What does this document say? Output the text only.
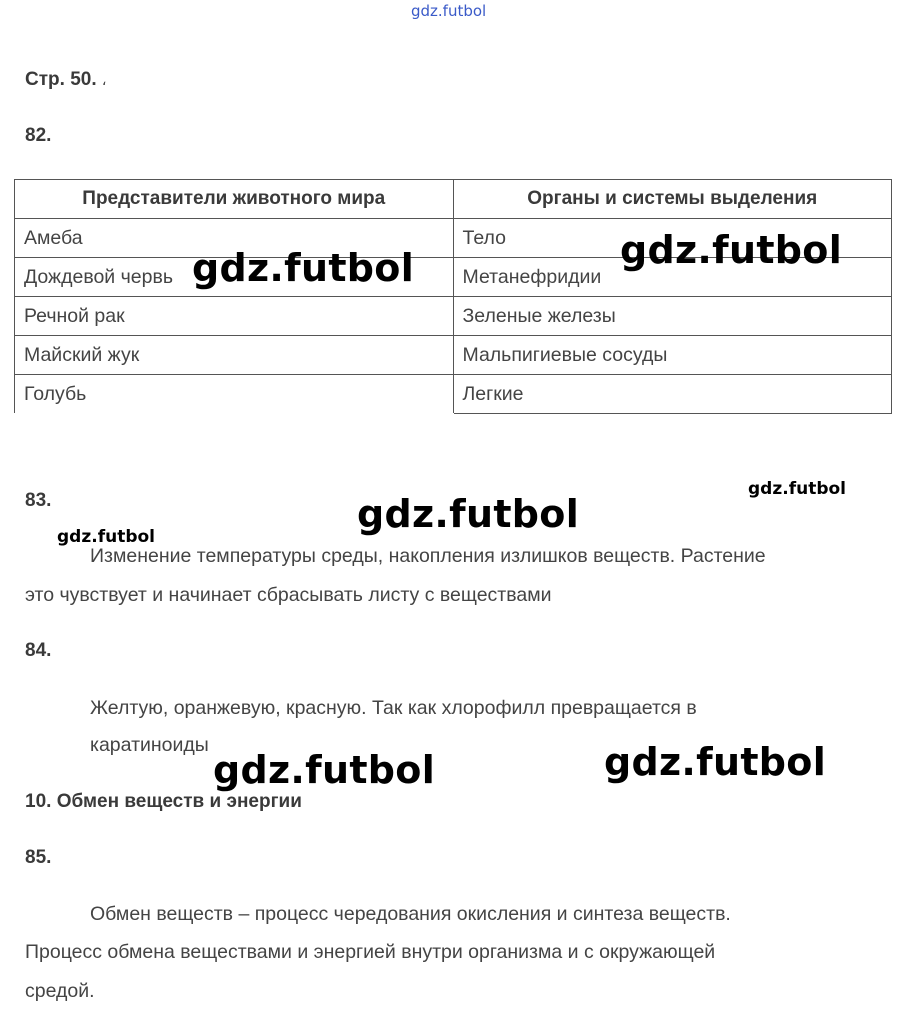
gdz.futbol
Стр. 50. ،
82.
Представители животного мира	Органы и системы выделения
Амеба	Тело
Дождевой червь	Метанефридии
Речной рак	Зеленые железы
Майский жук	Мальпигиевые сосуды
Голубь	Легкие
83.
Изменение температуры среды, накопления излишков веществ. Растение
это чувствует и начинает сбрасывать листу с веществами
84.
Желтую, оранжевую, красную. Так как хлорофилл превращается в
каратиноиды
10. Обмен веществ и энергии
85.
Обмен веществ – процесс чередования окисления и синтеза веществ.
Процесс обмена веществами и энергией внутри организма и с окружающей
средой.
gdz.futbol	gdz.futbol
gdz.futbol
gdz.futbol
gdz.futbol
gdz.futbol	gdz.futbol
